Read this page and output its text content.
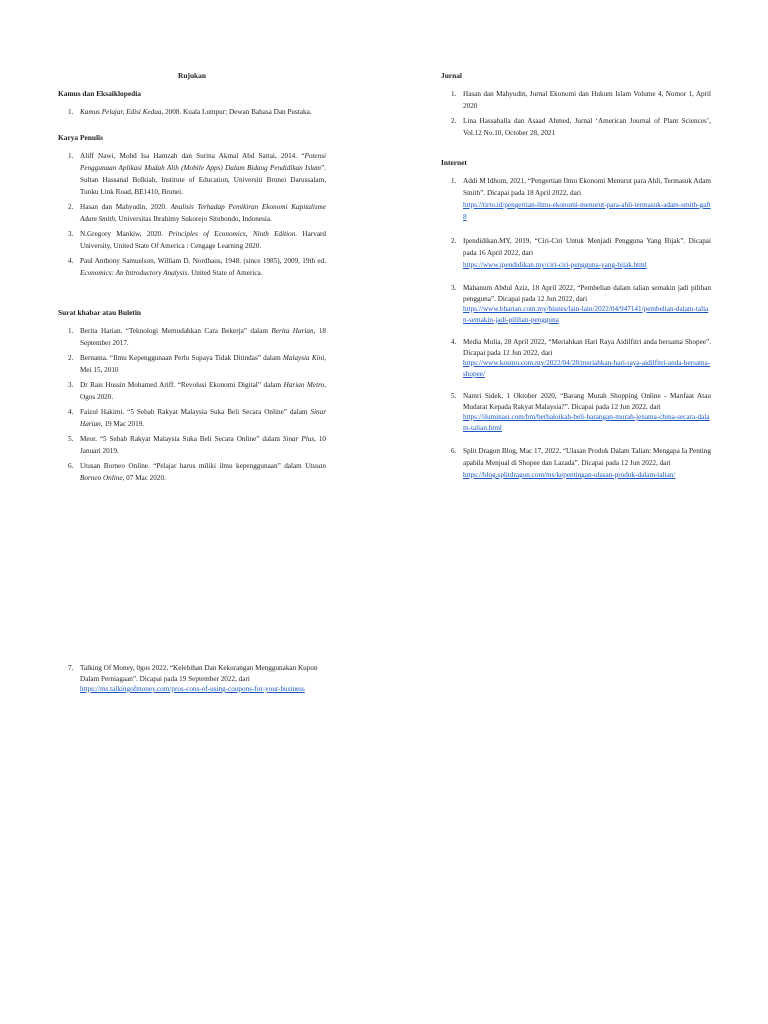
Rujukan
Kamus dan Eksaiklopedia
1. Kamus Pelajar, Edisi Kedua, 2008. Kuala Lumpur; Dewan Bahasa Dan Pustaka.
Karya Penulis
1. Aliff Nawi, Mohd Isa Hamzah dan Surina Akmal Abd Sattai, 2014. “Potensi Penggunaan Aplikasi Mudah Alih (Mobile Apps) Dalam Bidang Pendidikan Islam”. Sultan Hassanal Bolkiah, Institute of Education, Universiti Brunei Darussalam, Tunku Link Road, BE1410, Brunei.
2. Hasan dan Mahyudin, 2020. Analisis Terhadap Pemikiran Ekonomi Kapitalisme Adam Smith, Universitas Ibrahimy Sukorejo Situbondo, Indonesia.
3. N.Gregory Mankiw, 2020. Principles of Economics, Ninth Edition. Harvard University, United State Of America : Cengage Learning 2020.
4. Paul Anthony Samuelson, William D. Nordhaus, 1948. (since 1985), 2009, 19th ed. Economics: An Introductory Analysis. United State of America.
Surat khabar atau Buletin
1. Berita Harian. “Teknologi Memudahkan Cara Bekerja” dalam Berita Harian, 18 September 2017.
2. Bernama. “Ilmu Kepenggunaan Perlu Supaya Tidak Ditindas” dalam Malaysia Kini, Mei 15, 2010
3. Dr Rais Hussin Mohamed Ariff. “Revolusi Ekonomi Digital” dalam Harian Metro, Ogos 2020.
4. Faizul Hakimi. “5 Sebab Rakyat Malaysia Suka Beli Secara Online” dalam Sinar Harian, 19 Mac 2019.
5. Meor. “5 Sebab Rakyat Malaysia Suka Beli Secara Online” dalam Sinar Plus, 10 Januari 2019.
6. Utusan Borneo Online. “Pelajar harus miliki ilmu kepenggunaan” dalam Utusan Borneo Online, 07 Mac 2020.
7. Talking Of Money, 0gos 2022, “Kelebihan Dan Kekurangan Menggunakan Kupon Dalam Perniagaan”. Dicapai pada 19 September 2022, dari
https://ms.talkingofmoney.com/pros-cons-of-using-coupons-for-your-business
Jurnal
1. Hasan dan Mahyudin, Jurnal Ekonomi dan Hukum Islam Volume 4, Nomor 1, April 2020
2. Lina Hassaballa dan Asaad Ahmed, Jurnal ‘American Journal of Plant Sciences’, Vol.12 No.10, October 28, 2021
Internet
1. Addi M Idhom, 2021, “Pengertian Ilmu Ekonomi Menurut para Ahli, Termasuk Adam Smith”. Dicapai pada 18 April 2022, dari
https://tirto.id/pengertian-ilmu-ekonomi-menurut-para-ahli-termasuk-adam-smith-gaft8
2. Ipendidikan.MY, 2019, “Ciri-Ciri Untuk Menjadi Pengguna Yang Bijak”. Dicapai pada 16 April 2022, dari
https://www.ipendidikan.my/ciri-ciri-pengguna-yang-bijak.html
3. Mahanum Abdul Aziz, 18 April 2022, “Pembelian dalam talian semakin jadi pilihan pengguna”. Dicapai pada 12 Jun 2022, dari
https://www.bharian.com.my/bisnes/lain-lain/2022/04/947141/pembelian-dalam-talian-semakin-jadi-pilihan-pengguna
4. Media Mulia, 28 April 2022, “Meriahkan Hari Raya Aidilfitri anda bersama Shopee”. Dicapai pada 12 Jun 2022, dari
https://www.kosmo.com.my/2022/04/28/meriahkan-hari-raya-aidilfitri-anda-bersama-shopee/
5. Namri Sidek, 1 Oktober 2020, “Barang Murah Shopping Online - Manfaat Atau Mudarat Kepada Rakyat Malaysia?”. Dicapai pada 12 Jun 2022, dari
https://iluminasi.com/bm/berbaloikah-beli-barangan-murah-jenama-china-secara-dalam-talian.html
6. Split Dragon Blog, Mac 17, 2022, “Ulasan Produk Dalam Talian: Mengapa Ia Penting apabila Menjual di Shopee dan Lazada”. Dicapai pada 12 Jun 2022, dari
https://blog.splitdragon.com/ms/kepentingan-ulasan-produk-dalam-talian/
